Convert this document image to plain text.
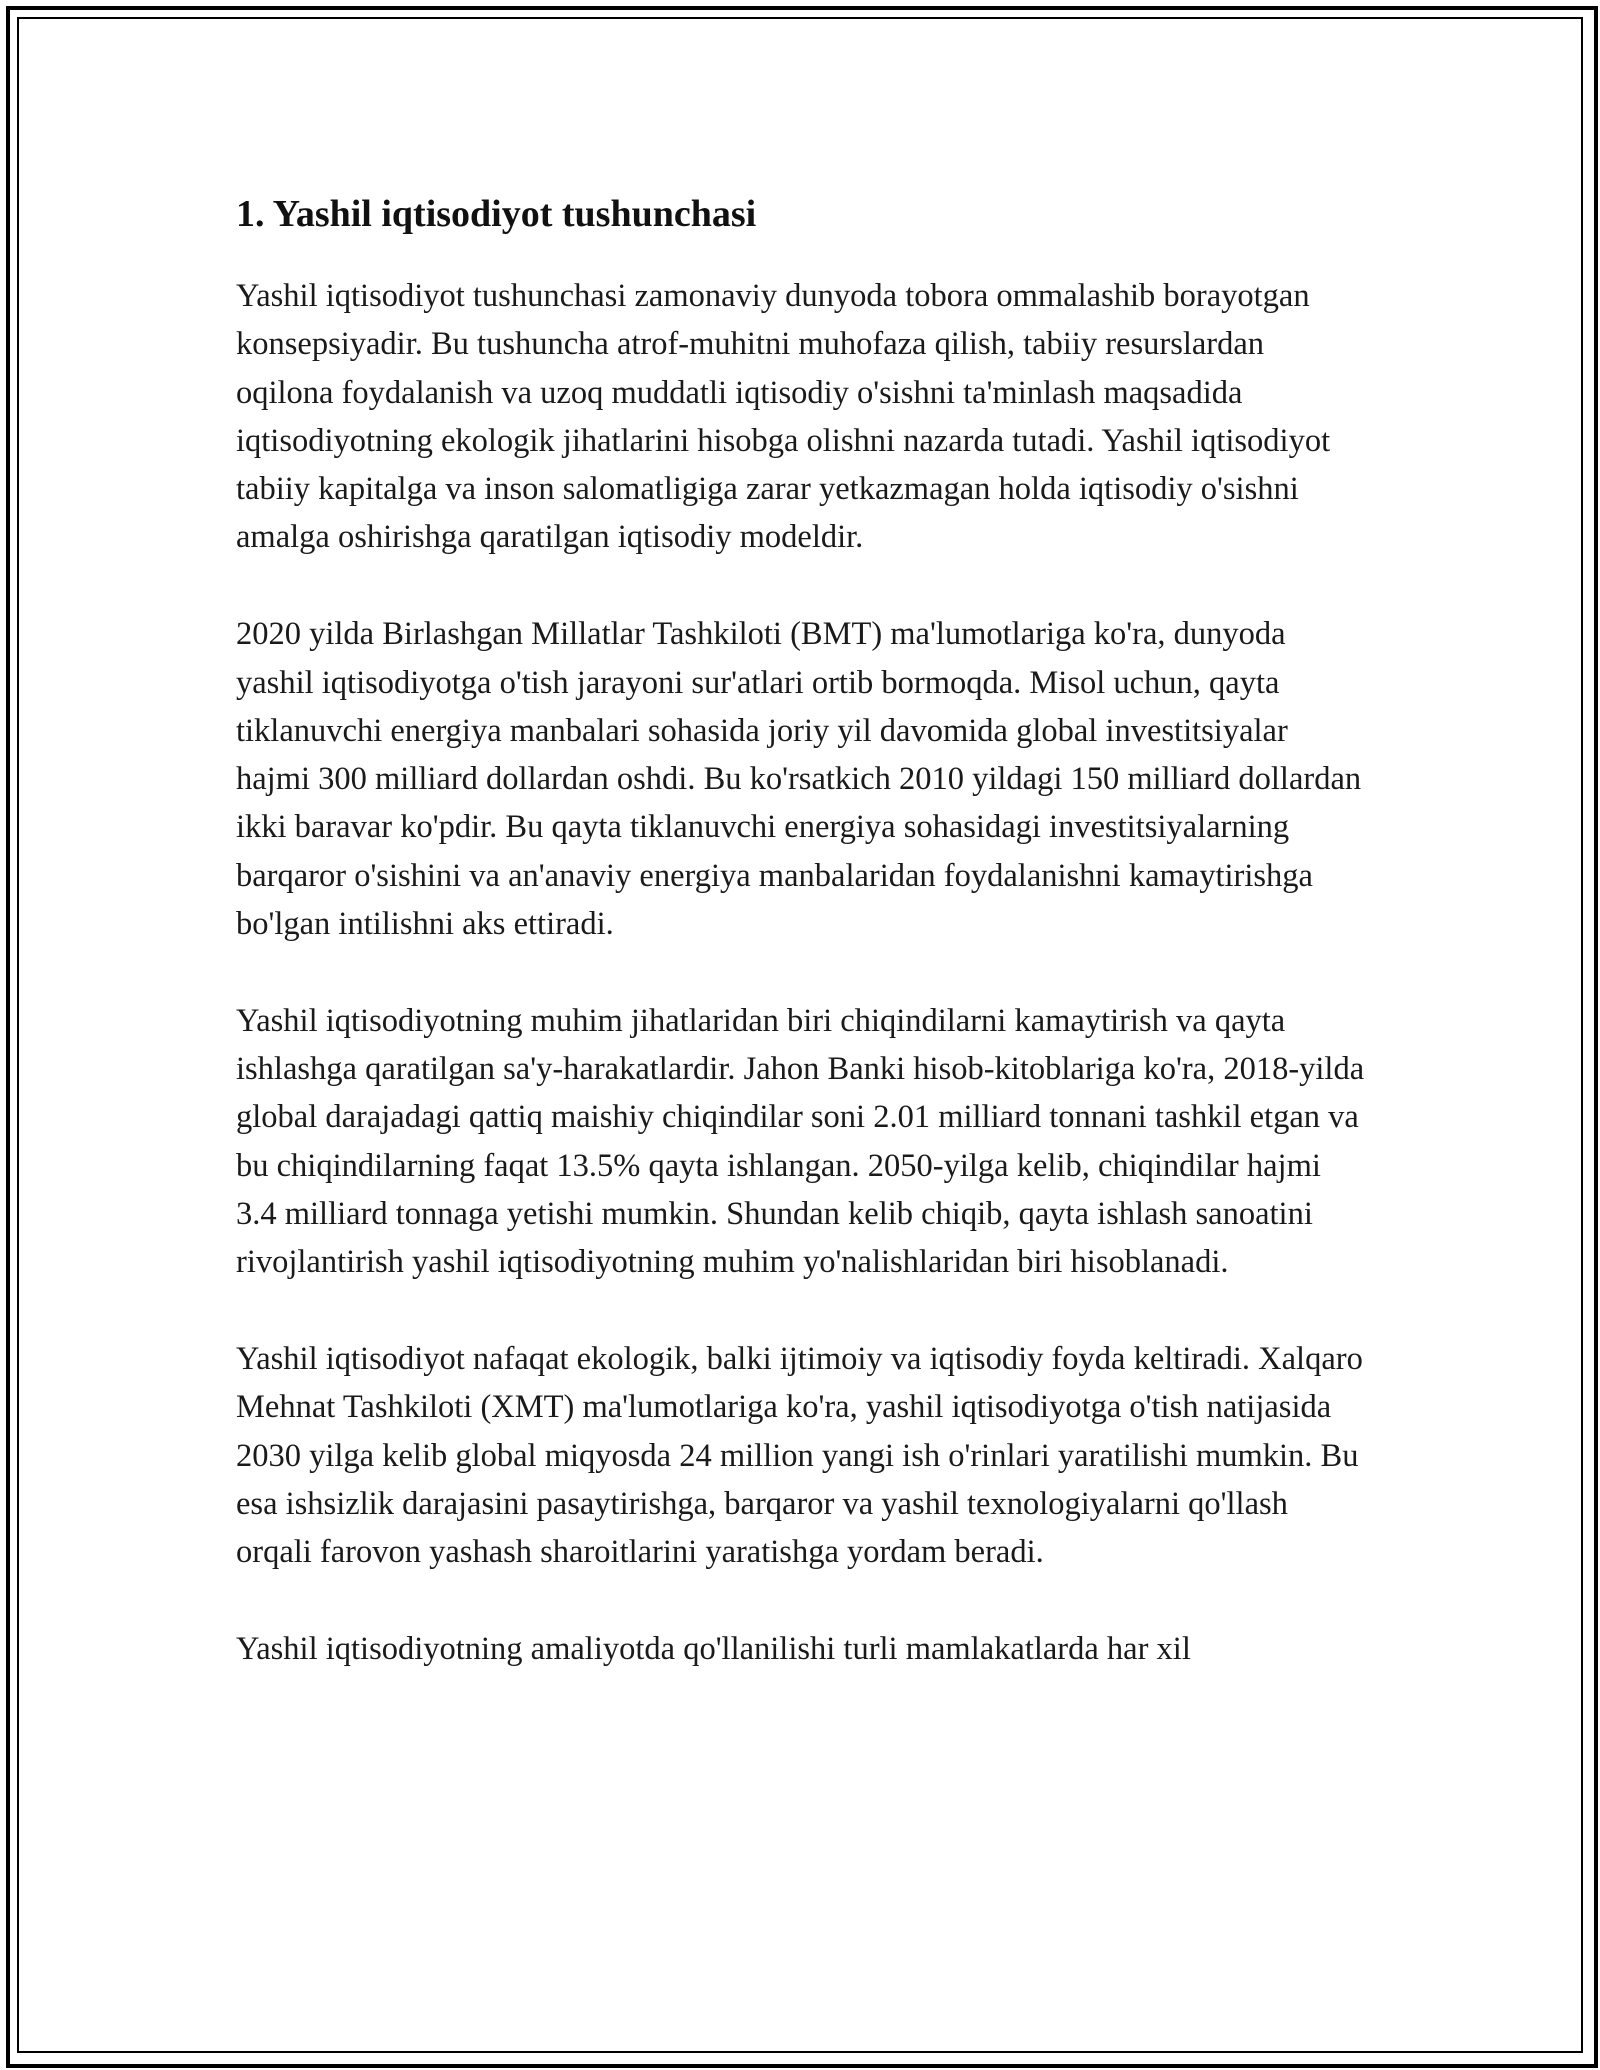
1. Yashil iqtisodiyot tushunchasi

Yashil iqtisodiyot tushunchasi zamonaviy dunyoda tobora ommalashib borayotgan konsepsiyadir. Bu tushuncha atrof-muhitni muhofaza qilish, tabiiy resurslardan oqilona foydalanish va uzoq muddatli iqtisodiy o'sishni ta'minlash maqsadida iqtisodiyotning ekologik jihatlarini hisobga olishni nazarda tutadi. Yashil iqtisodiyot tabiiy kapitalga va inson salomatligiga zarar yetkazmagan holda iqtisodiy o'sishni amalga oshirishga qaratilgan iqtisodiy modeldir.

2020 yilda Birlashgan Millatlar Tashkiloti (BMT) ma'lumotlariga ko'ra, dunyoda yashil iqtisodiyotga o'tish jarayoni sur'atlari ortib bormoqda. Misol uchun, qayta tiklanuvchi energiya manbalari sohasida joriy yil davomida global investitsiyalar hajmi 300 milliard dollardan oshdi. Bu ko'rsatkich 2010 yildagi 150 milliard dollardan ikki baravar ko'pdir. Bu qayta tiklanuvchi energiya sohasidagi investitsiyalarning barqaror o'sishini va an'anaviy energiya manbalaridan foydalanishni kamaytirishga bo'lgan intilishni aks ettiradi.

Yashil iqtisodiyotning muhim jihatlaridan biri chiqindilarni kamaytirish va qayta ishlashga qaratilgan sa'y-harakatlardir. Jahon Banki hisob-kitoblariga ko'ra, 2018-yilda global darajadagi qattiq maishiy chiqindilar soni 2.01 milliard tonnani tashkil etgan va bu chiqindilarning faqat 13.5% qayta ishlangan. 2050-yilga kelib, chiqindilar hajmi 3.4 milliard tonnaga yetishi mumkin. Shundan kelib chiqib, qayta ishlash sanoatini rivojlantirish yashil iqtisodiyotning muhim yo'nalishlaridan biri hisoblanadi.

Yashil iqtisodiyot nafaqat ekologik, balki ijtimoiy va iqtisodiy foyda keltiradi. Xalqaro Mehnat Tashkiloti (XMT) ma'lumotlariga ko'ra, yashil iqtisodiyotga o'tish natijasida 2030 yilga kelib global miqyosda 24 million yangi ish o'rinlari yaratilishi mumkin. Bu esa ishsizlik darajasini pasaytirishga, barqaror va yashil texnologiyalarni qo'llash orqali farovon yashash sharoitlarini yaratishga yordam beradi.

Yashil iqtisodiyotning amaliyotda qo'llanilishi turli mamlakatlarda har xil
